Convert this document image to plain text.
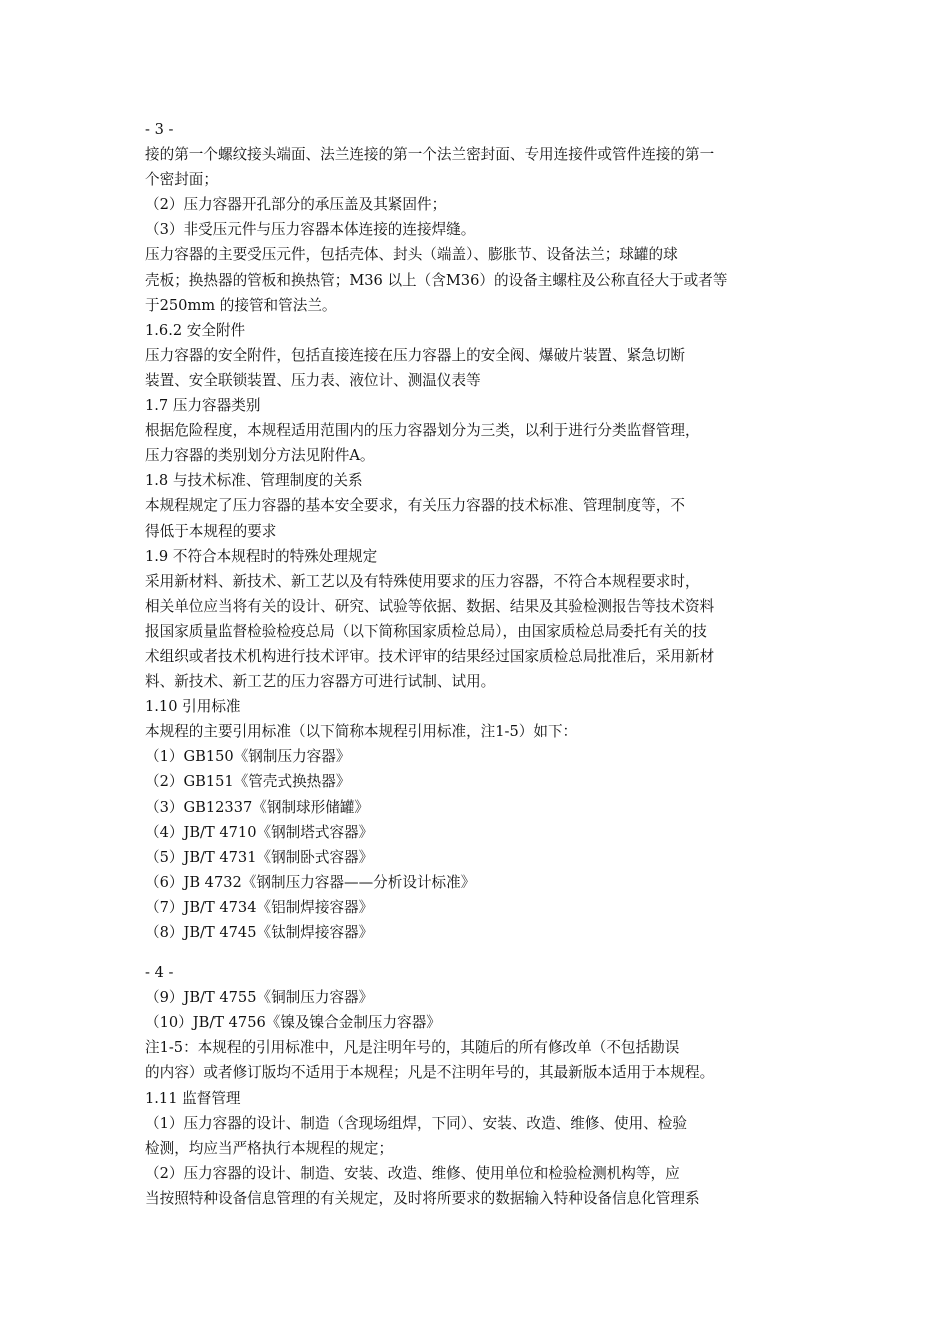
- 3 -
接的第一个螺纹接头端面、法兰连接的第一个法兰密封面、专用连接件或管件连接的第一
个密封面；
（2）压力容器开孔部分的承压盖及其紧固件；
（3）非受压元件与压力容器本体连接的连接焊缝。
压力容器的主要受压元件，包括壳体、封头（端盖）、膨胀节、设备法兰；球罐的球
壳板；换热器的管板和换热管；M36 以上（含M36）的设备主螺柱及公称直径大于或者等
于250mm 的接管和管法兰。
1.6.2 安全附件
压力容器的安全附件，包括直接连接在压力容器上的安全阀、爆破片装置、紧急切断
装置、安全联锁装置、压力表、液位计、测温仪表等
1.7 压力容器类别
根据危险程度，本规程适用范围内的压力容器划分为三类，以利于进行分类监督管理，
压力容器的类别划分方法见附件A。
1.8 与技术标准、管理制度的关系
本规程规定了压力容器的基本安全要求，有关压力容器的技术标准、管理制度等，不
得低于本规程的要求
1.9 不符合本规程时的特殊处理规定
采用新材料、新技术、新工艺以及有特殊使用要求的压力容器，不符合本规程要求时，
相关单位应当将有关的设计、研究、试验等依据、数据、结果及其验检测报告等技术资料
报国家质量监督检验检疫总局（以下简称国家质检总局），由国家质检总局委托有关的技
术组织或者技术机构进行技术评审。技术评审的结果经过国家质检总局批准后，采用新材
料、新技术、新工艺的压力容器方可进行试制、试用。
1.10 引用标准
本规程的主要引用标准（以下简称本规程引用标准，注1-5）如下：
（1）GB150《钢制压力容器》
（2）GB151《管壳式换热器》
（3）GB12337《钢制球形储罐》
（4）JB/T 4710《钢制塔式容器》
（5）JB/T 4731《钢制卧式容器》
（6）JB 4732《钢制压力容器——分析设计标准》
（7）JB/T 4734《铝制焊接容器》
（8）JB/T 4745《钛制焊接容器》
- 4 -
（9）JB/T 4755《铜制压力容器》
（10）JB/T 4756《镍及镍合金制压力容器》
注1-5：本规程的引用标准中，凡是注明年号的，其随后的所有修改单（不包括勘误
的内容）或者修订版均不适用于本规程；凡是不注明年号的，其最新版本适用于本规程。
1.11 监督管理
（1）压力容器的设计、制造（含现场组焊，下同）、安装、改造、维修、使用、检验
检测，均应当严格执行本规程的规定；
（2）压力容器的设计、制造、安装、改造、维修、使用单位和检验检测机构等，应
当按照特种设备信息管理的有关规定，及时将所要求的数据输入特种设备信息化管理系
